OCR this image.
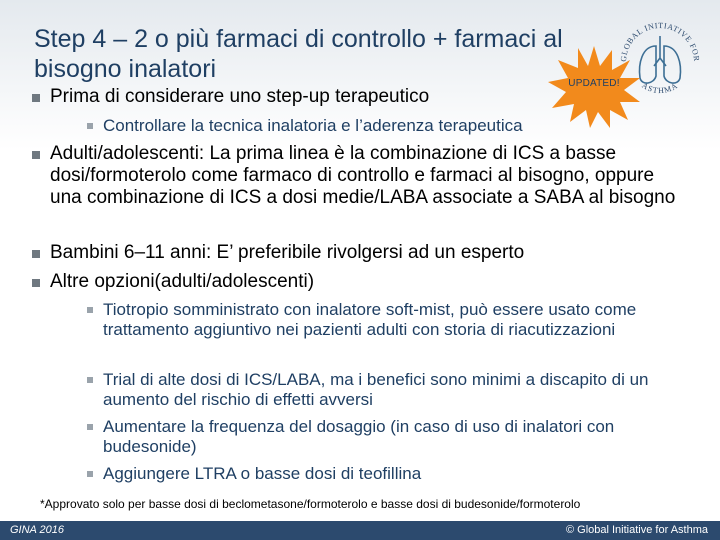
Step 4 – 2 o più farmaci di controllo + farmaci al bisogno inalatori	GLOBAL INITIATIVE FOR
ASTHMA
UPDATED!
Prima di considerare uno step-up terapeutico
Controllare la tecnica inalatoria e l’aderenza terapeutica
Adulti/adolescenti: La prima linea è la combinazione di ICS a basse dosi/formoterolo come farmaco di controllo e farmaci al bisogno, oppure una combinazione di ICS a dosi medie/LABA associate a SABA al bisogno
Bambini 6–11 anni: E’ preferibile rivolgersi ad un esperto
Altre opzioni(adulti/adolescenti)
Tiotropio somministrato con inalatore soft-mist, può essere usato come trattamento aggiuntivo nei pazienti adulti con storia di riacutizzazioni
Trial di alte dosi di ICS/LABA, ma i benefici sono minimi a discapito di un aumento del rischio di effetti avversi
Aumentare la frequenza del dosaggio (in caso di uso di inalatori con budesonide)
Aggiungere LTRA o basse dosi di teofillina
*Approvato solo per basse dosi di beclometasone/formoterolo e basse dosi di budesonide/formoterolo
GINA 2016	© Global Initiative for Asthma
